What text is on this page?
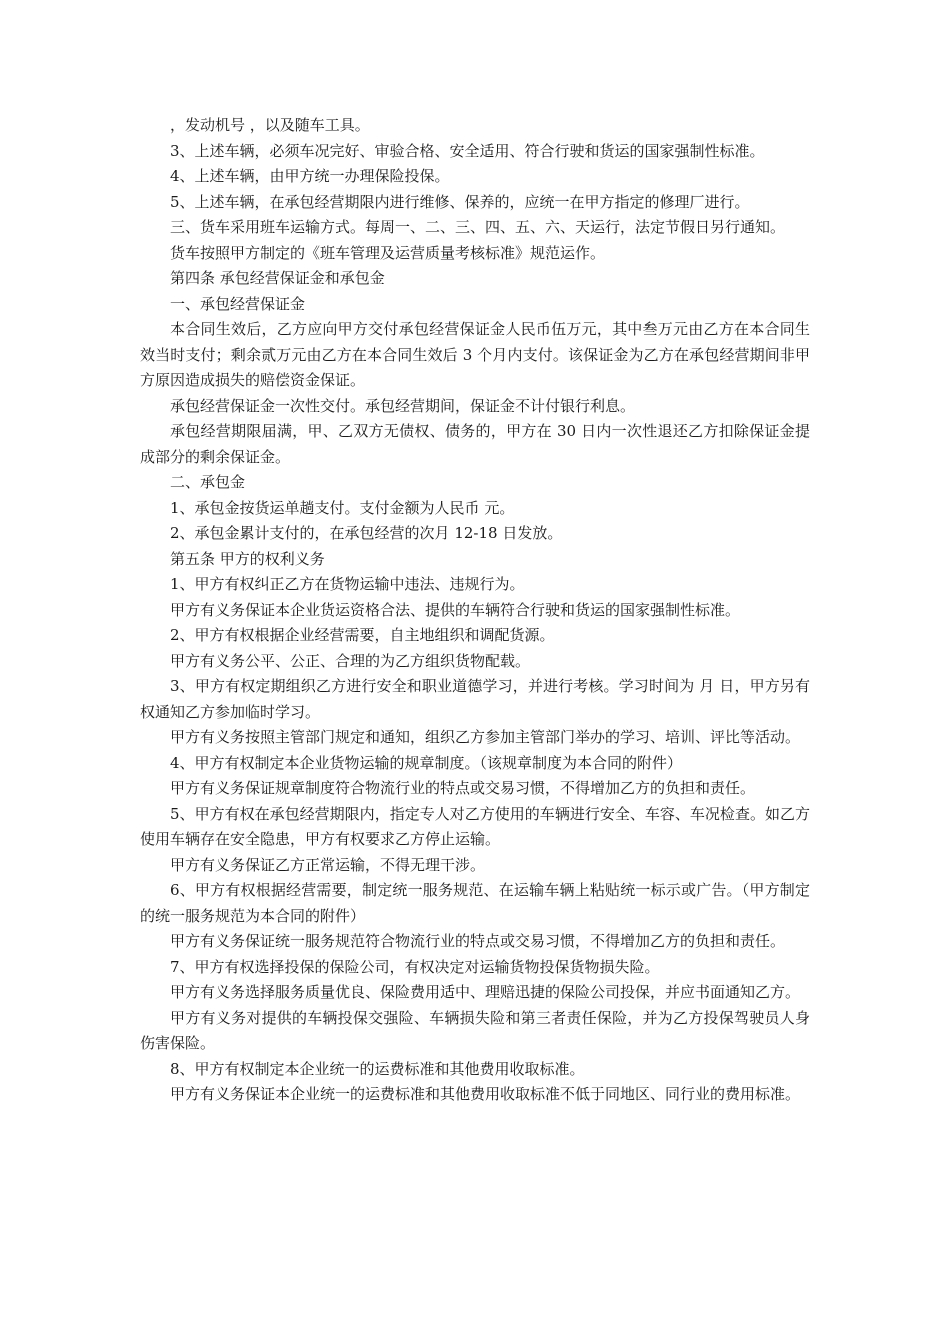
，发动机号 ，以及随车工具。

3、上述车辆，必须车况完好、审验合格、安全适用、符合行驶和货运的国家强制性标准。

4、上述车辆，由甲方统一办理保险投保。

5、上述车辆，在承包经营期限内进行维修、保养的，应统一在甲方指定的修理厂进行。

三、货车采用班车运输方式。每周一、二、三、四、五、六、天运行，法定节假日另行通知。

货车按照甲方制定的《班车管理及运营质量考核标准》规范运作。

第四条 承包经营保证金和承包金

一、承包经营保证金

本合同生效后，乙方应向甲方交付承包经营保证金人民币伍万元，其中叁万元由乙方在本合同生效当时支付；剩余贰万元由乙方在本合同生效后 3 个月内支付。该保证金为乙方在承包经营期间非甲方原因造成损失的赔偿资金保证。

承包经营保证金一次性交付。承包经营期间，保证金不计付银行利息。

承包经营期限届满，甲、乙双方无债权、债务的，甲方在 30 日内一次性退还乙方扣除保证金提成部分的剩余保证金。

二、承包金

1、承包金按货运单趟支付。支付金额为人民币 元。

2、承包金累计支付的，在承包经营的次月 12-18 日发放。

第五条 甲方的权利义务

1、甲方有权纠正乙方在货物运输中违法、违规行为。

甲方有义务保证本企业货运资格合法、提供的车辆符合行驶和货运的国家强制性标准。

2、甲方有权根据企业经营需要，自主地组织和调配货源。

甲方有义务公平、公正、合理的为乙方组织货物配载。

3、甲方有权定期组织乙方进行安全和职业道德学习，并进行考核。学习时间为 月 日，甲方另有权通知乙方参加临时学习。

甲方有义务按照主管部门规定和通知，组织乙方参加主管部门举办的学习、培训、评比等活动。

4、甲方有权制定本企业货物运输的规章制度。（该规章制度为本合同的附件）

甲方有义务保证规章制度符合物流行业的特点或交易习惯，不得增加乙方的负担和责任。

5、甲方有权在承包经营期限内，指定专人对乙方使用的车辆进行安全、车容、车况检查。如乙方使用车辆存在安全隐患，甲方有权要求乙方停止运输。

甲方有义务保证乙方正常运输，不得无理干涉。

6、甲方有权根据经营需要，制定统一服务规范、在运输车辆上粘贴统一标示或广告。（甲方制定的统一服务规范为本合同的附件）

甲方有义务保证统一服务规范符合物流行业的特点或交易习惯，不得增加乙方的负担和责任。

7、甲方有权选择投保的保险公司，有权决定对运输货物投保货物损失险。

甲方有义务选择服务质量优良、保险费用适中、理赔迅捷的保险公司投保，并应书面通知乙方。

甲方有义务对提供的车辆投保交强险、车辆损失险和第三者责任保险，并为乙方投保驾驶员人身伤害保险。

8、甲方有权制定本企业统一的运费标准和其他费用收取标准。

甲方有义务保证本企业统一的运费标准和其他费用收取标准不低于同地区、同行业的费用标准。
